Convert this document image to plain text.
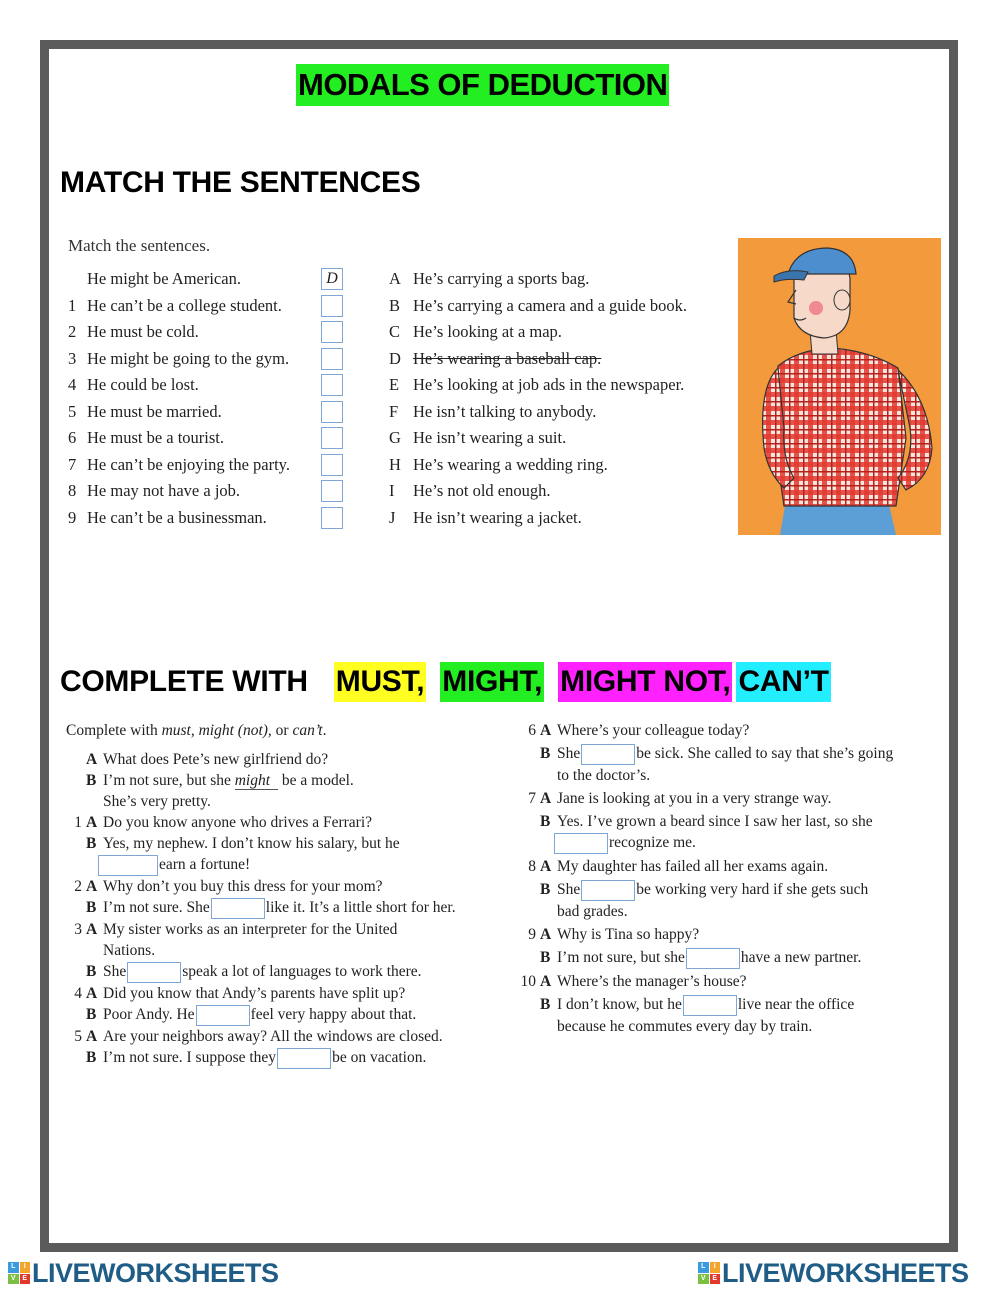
MODALS OF DEDUCTION
MATCH THE SENTENCES
Match the sentences.
He might be American.	D
1 He can’t be a college student.
2 He must be cold.
3 He might be going to the gym.
4 He could be lost.
5 He must be married.
6 He must be a tourist.
7 He can’t be enjoying the party.
8 He may not have a job.
9 He can’t be a businessman.
A He’s carrying a sports bag.
B He’s carrying a camera and a guide book.
C He’s looking at a map.
D He’s wearing a baseball cap.
E He’s looking at job ads in the newspaper.
F He isn’t talking to anybody.
G He isn’t wearing a suit.
H He’s wearing a wedding ring.
I	He’s not old enough.
J	He isn’t wearing a jacket.
COMPLETE WITH MUST, MIGHT, MIGHT NOT, CAN’T
Complete with must, might (not), or can’t.
A What does Pete’s new girlfriend do?
B I’m not sure, but she might be a model.
She’s very pretty.
1 A Do you know anyone who drives a Ferrari?
B Yes, my nephew. I don’t know his salary, but he
earn a fortune!
2 A Why don’t you buy this dress for your mom?
B I’m not sure. She	like it. It’s a little short for her.
3 A My sister works as an interpreter for the United
Nations.
B She	speak a lot of languages to work there.
4 A Did you know that Andy’s parents have split up?
B Poor Andy. He	feel very happy about that.
5 A Are your neighbors away? All the windows are closed.
B I’m not sure. I suppose they	be on vacation.
6 A Where’s your colleague today?
B She	be sick. She called to say that she’s going
to the doctor’s.
7 A Jane is looking at you in a very strange way.
B Yes. I’ve grown a beard since I saw her last, so she
recognize me.
8 A My daughter has failed all her exams again.
B She	be working very hard if she gets such
bad grades.
9 A Why is Tina so happy?
B I’m not sure, but she	have a new partner.
10 A Where’s the manager’s house?
B I don’t know, but he	live near the office
because he commutes every day by train.
L	I
V E LIVEWORKSHEETS	L	I
V E LIVEWORKSHEETS
